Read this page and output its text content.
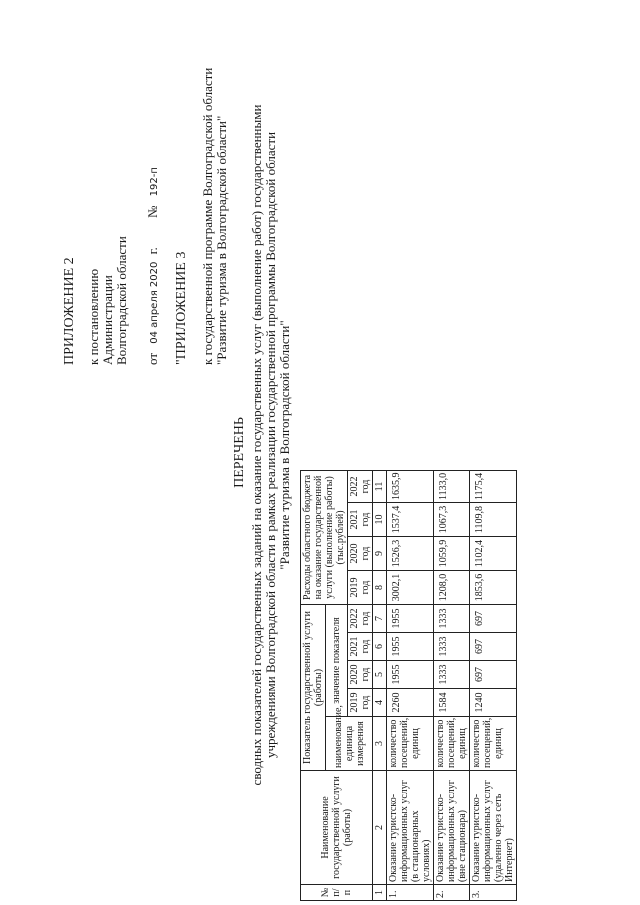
ПРИЛОЖЕНИЕ 2 к постановлению Администрации Волгоградской области от 04 апреля 2020 г. № 192-п
"ПРИЛОЖЕНИЕ 3 к государственной программе Волгоградской области "Развитие туризма в Волгоградской области"
ПЕРЕЧЕНЬ сводных показателей государственных заданий на оказание государственных услуг (выполнение работ) государственными учреждениями Волгоградской области в рамках реализации государственной программы Волгоградской области "Развитие туризма в Волгоградской области"
№ п/п	Наименование государственной услуги (работы)	Показатель государственной услуги (работы)					Расходы областного бюджета на оказание государственной услуги (выполнение работы) (тыс.рублей)			
		наименование, единица измерения	значение показателя							
			2019 год	2020 год	2021 год	2022 год	2019 год	2020 год	2021 год	2022 год
1	2	3	4	5	6	7	8	9	10	11
1.	Оказание туристско-информационных услуг (в стационарных условиях)	количество посещений, единиц	2260	1955	1955	1955	3002,1	1526,3	1537,4	1635,9
2.	Оказание туристско-информационных услуг (вне стационара)	количество посещений, единиц	1584	1333	1333	1333	1208,0	1059,9	1067,3	1133,0
3.	Оказание туристско-информационных услуг (удаленно через сеть Интернет)	количество посещений, единиц	1240	697	697	697	1853,6	1102,4	1109,8	1175,4
